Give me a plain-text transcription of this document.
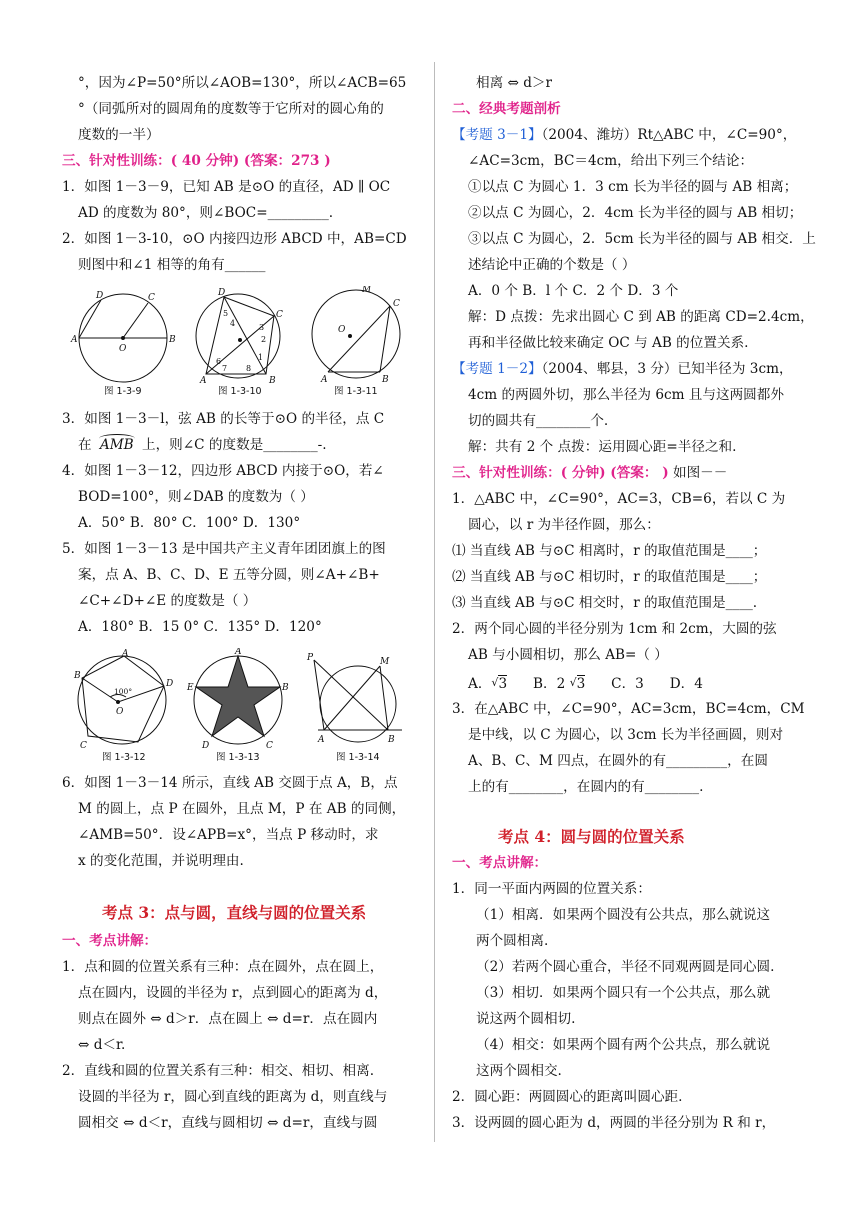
°，因为∠P=50°所以∠AOB=130°，所以∠ACB=65
°（同弧所对的圆周角的度数等于它所对的圆心角的
度数的一半）
三、针对性训练：( 40 分钟) (答案：273 )
1．如图 1－3－9，已知 AB 是⊙O 的直径，AD ∥ OC
AD 的度数为 80°，则∠BOC=_________.
2．如图 1－3-10，⊙O 内接四边形 ABCD 中，AB=CD
则图中和∠1 相等的角有______
A	B
D	C
O
图 1-3-9
D
C
A	B
5
4	3
2
1
6
7 8
图 1-3-10
O
M
C
A	B
图 1-3-11
3．如图 1－3－l，弦 AB 的长等于⊙O 的半径，点 C
在 AMB 上，则∠C 的度数是________-.
4．如图 1－3－12，四边形 ABCD 内接于⊙O，若∠
BOD=100°，则∠DAB 的度数为（ ）
A．50° B．80° C．100° D．130°
5．如图 1－3－13 是中国共产主义青年团团旗上的图
案，点 A、B、C、D、E 五等分圆，则∠A+∠B+
∠C+∠D+∠E 的度数是（ ）
A．180° B．15 0° C．135° D．120°
A
D
B
C
O
100°
图 1-3-12
A
E	B
D	C
图 1-3-13
P	M
A	B
图 1-3-14
6．如图 1－3－14 所示，直线 AB 交圆于点 A，B，点
M 的圆上，点 P 在圆外，且点 M，P 在 AB 的同侧，
∠AMB=50°．设∠APB=x°，当点 P 移动时，求
x 的变化范围，并说明理由.
考点 3：点与圆，直线与圆的位置关系
一、考点讲解：
1．点和圆的位置关系有三种：点在圆外，点在圆上，
点在圆内，设圆的半径为 r，点到圆心的距离为 d，
则点在圆外 ⇔ d＞r．点在圆上 ⇔ d=r．点在圆内
⇔ d＜r.
2．直线和圆的位置关系有三种：相交、相切、相离.
设圆的半径为 r，圆心到直线的距离为 d，则直线与
圆相交 ⇔ d＜r，直线与圆相切 ⇔ d=r，直线与圆
相离 ⇔ d＞r
二、经典考题剖析
【考题 3－1】（2004、潍坊）Rt△ABC 中，∠C=90°，
∠AC=3cm，BC＝4cm，给出下列三个结论：
①以点 C 为圆心 1．3 cm 长为半径的圆与 AB 相离；
②以点 C 为圆心，2．4cm 长为半径的圆与 AB 相切；
③以点 C 为圆心，2．5cm 长为半径的圆与 AB 相交．上
述结论中正确的个数是（ ）
A．0 个 B．l 个 C．2 个 D．3 个
解：D 点拨：先求出圆心 C 到 AB 的距离 CD=2.4cm，
再和半径做比较来确定 OC 与 AB 的位置关系.
【考题 1－2】（2004、郫县，3 分）已知半径为 3cm，
4cm 的两圆外切，那么半径为 6cm 且与这两圆都外
切的圆共有________个.
解：共有 2 个 点拨：运用圆心距=半径之和.
三、针对性训练：( 分钟) (答案： ) 如图－－
1．△ABC 中，∠C=90°，AC=3，CB=6，若以 C 为
圆心，以 r 为半径作圆，那么：
⑴ 当直线 AB 与⊙C 相离时，r 的取值范围是____；
⑵ 当直线 AB 与⊙C 相切时，r 的取值范围是____；
⑶ 当直线 AB 与⊙C 相交时，r 的取值范围是____.
2．两个同心圆的半径分别为 1cm 和 2cm，大圆的弦
AB 与小圆相切，那么 AB=（ ）
A．√3      B．2 √3      C．3      D．4
3．在△ABC 中，∠C=90°，AC=3cm，BC=4cm，CM
是中线，以 C 为圆心，以 3cm 长为半径画圆，则对
A、B、C、M 四点，在圆外的有_________，在圆
上的有________，在圆内的有________.
考点 4：圆与圆的位置关系
一、考点讲解：
1．同一平面内两圆的位置关系：
（1）相离．如果两个圆没有公共点，那么就说这
两个圆相离.
（2）若两个圆心重合，半径不同观两圆是同心圆.
（3）相切．如果两个圆只有一个公共点，那么就
说这两个圆相切.
（4）相交：如果两个圆有两个公共点，那么就说
这两个圆相交.
2．圆心距：两圆圆心的距离叫圆心距.
3．设两圆的圆心距为 d，两圆的半径分别为 R 和 r，
